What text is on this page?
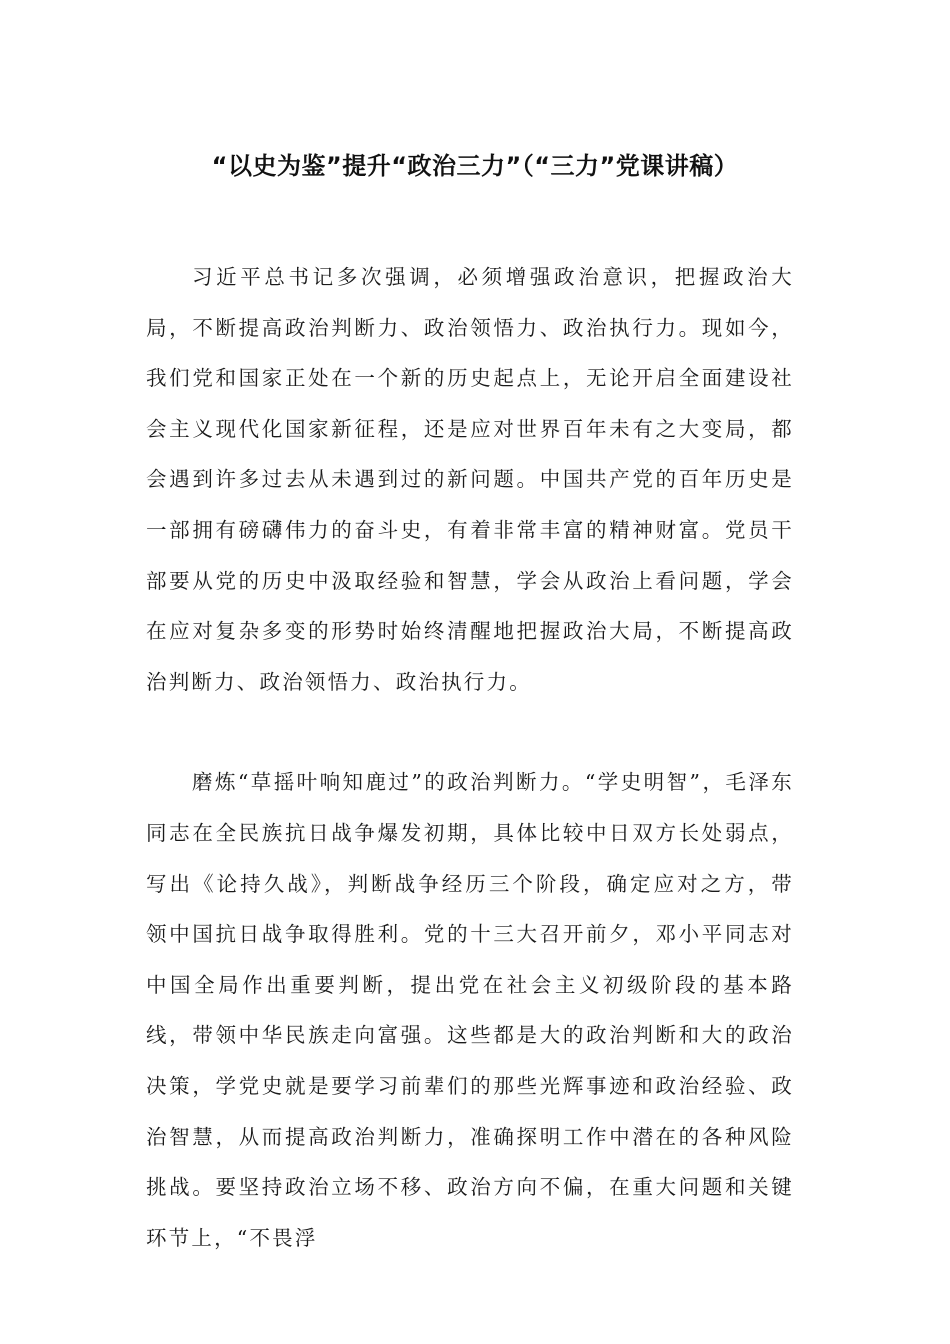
“以史为鉴”提升“政治三力”（“三力”党课讲稿）

习近平总书记多次强调，必须增强政治意识，把握政治大局，不断提高政治判断力、政治领悟力、政治执行力。现如今，我们党和国家正处在一个新的历史起点上，无论开启全面建设社会主义现代化国家新征程，还是应对世界百年未有之大变局，都会遇到许多过去从未遇到过的新问题。中国共产党的百年历史是一部拥有磅礴伟力的奋斗史，有着非常丰富的精神财富。党员干部要从党的历史中汲取经验和智慧，学会从政治上看问题，学会在应对复杂多变的形势时始终清醒地把握政治大局，不断提高政治判断力、政治领悟力、政治执行力。

磨炼“草摇叶响知鹿过”的政治判断力。“学史明智”，毛泽东同志在全民族抗日战争爆发初期，具体比较中日双方长处弱点，写出《论持久战》，判断战争经历三个阶段，确定应对之方，带领中国抗日战争取得胜利。党的十三大召开前夕，邓小平同志对中国全局作出重要判断，提出党在社会主义初级阶段的基本路线，带领中华民族走向富强。这些都是大的政治判断和大的政治决策，学党史就是要学习前辈们的那些光辉事迹和政治经验、政治智慧，从而提高政治判断力，准确探明工作中潜在的各种风险挑战。要坚持政治立场不移、政治方向不偏，在重大问题和关键环节上，“不畏浮
